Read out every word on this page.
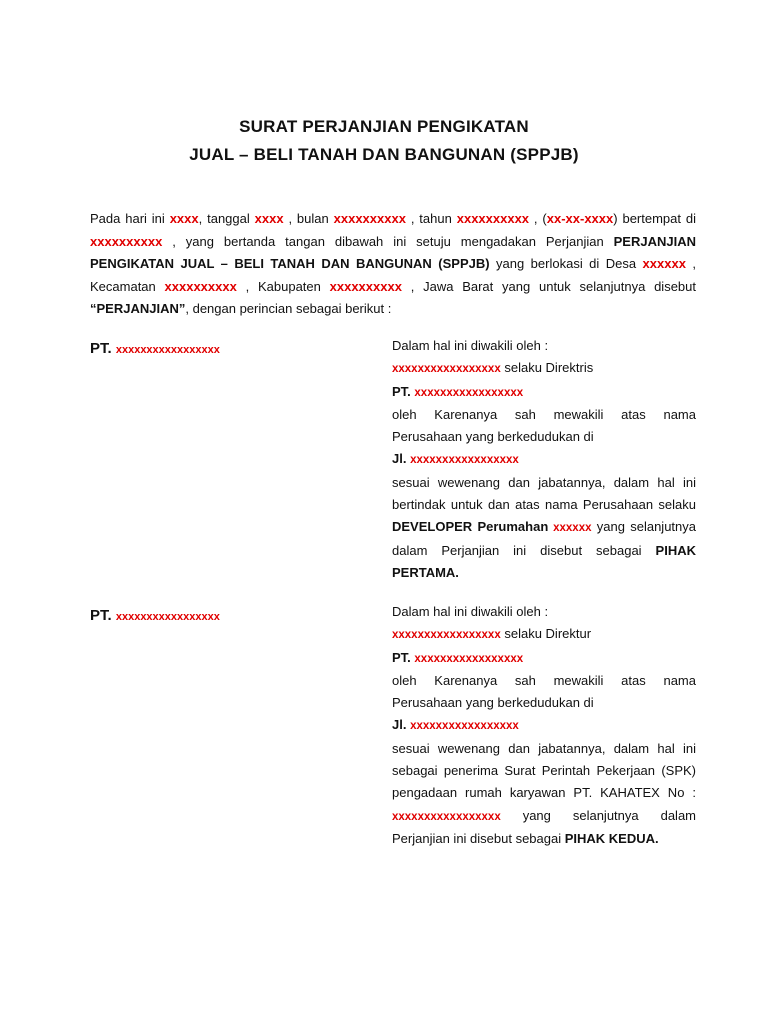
SURAT PERJANJIAN PENGIKATAN
JUAL – BELI TANAH DAN BANGUNAN (SPPJB)

Pada hari ini xxxx, tanggal xxxx , bulan xxxxxxxxxx , tahun xxxxxxxxxx , (xx-xx-xxxx) bertempat di xxxxxxxxxx , yang bertanda tangan dibawah ini setuju mengadakan Perjanjian PERJANJIAN PENGIKATAN JUAL – BELI TANAH DAN BANGUNAN (SPPJB) yang berlokasi di Desa xxxxxx , Kecamatan xxxxxxxxxx , Kabupaten xxxxxxxxxx , Jawa Barat yang untuk selanjutnya disebut “PERJANJIAN”, dengan perincian sebagai berikut :

PT. xxxxxxxxxxxxxxxxx	Dalam hal ini diwakili oleh :
xxxxxxxxxxxxxxxxx selaku Direktris
PT. xxxxxxxxxxxxxxxxx
oleh Karenanya sah mewakili atas nama Perusahaan yang berkedudukan di
Jl. xxxxxxxxxxxxxxxxx
sesuai wewenang dan jabatannya, dalam hal ini bertindak untuk dan atas nama Perusahaan selaku DEVELOPER Perumahan xxxxxx yang selanjutnya dalam Perjanjian ini disebut sebagai PIHAK PERTAMA.
PT. xxxxxxxxxxxxxxxxx	Dalam hal ini diwakili oleh :
xxxxxxxxxxxxxxxxx selaku Direktur
PT. xxxxxxxxxxxxxxxxx
oleh Karenanya sah mewakili atas nama Perusahaan yang berkedudukan di
Jl. xxxxxxxxxxxxxxxxx
sesuai wewenang dan jabatannya, dalam hal ini sebagai penerima Surat Perintah Pekerjaan (SPK) pengadaan rumah karyawan PT. KAHATEX No : xxxxxxxxxxxxxxxxx yang selanjutnya dalam Perjanjian ini disebut sebagai PIHAK KEDUA.
